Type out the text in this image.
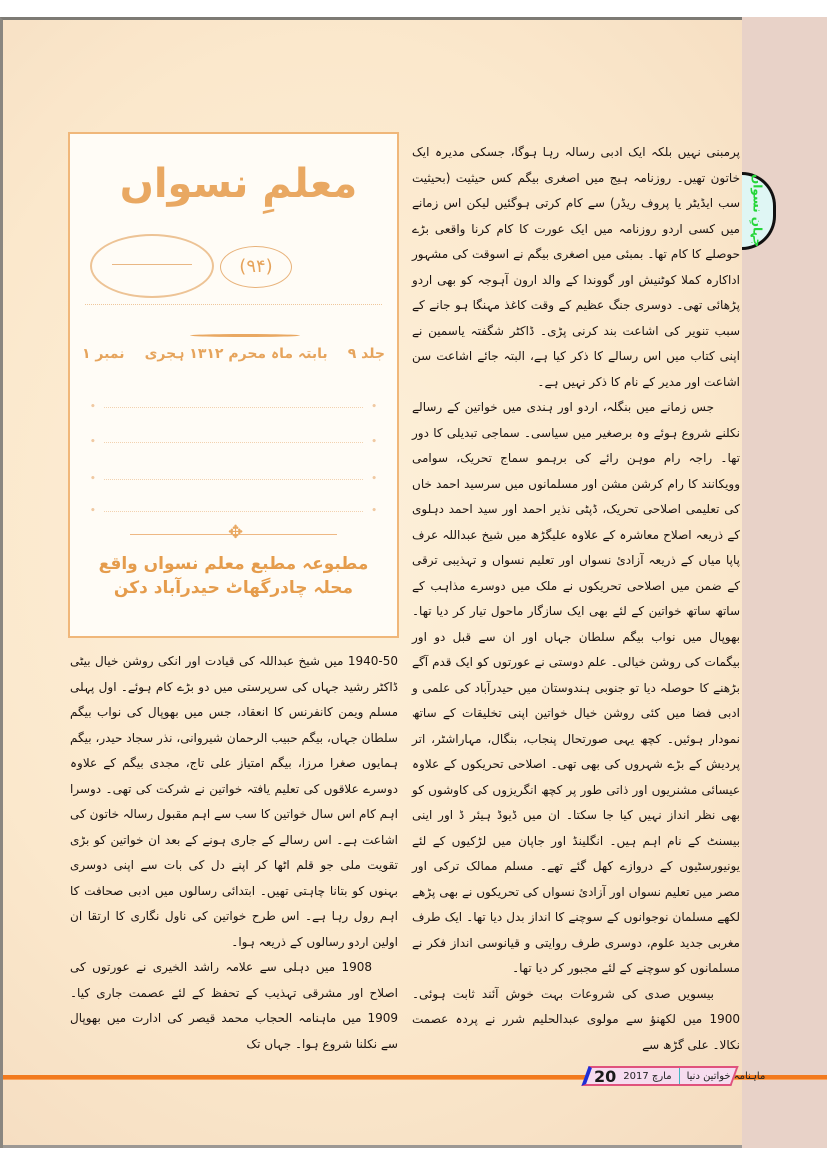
جہانِ نسواں
معلمِ نسواں
(۹۴)
جلد ۹
بابتہ ماہ محرم ۱۳۱۲ ہجری
نمبر ۱
•
•
•
•
•
•
•
•
✥
مطبوعہ مطبع معلم نسواں واقع محلہ چادرگھاٹ حیدرآباد دکن

پرمبنی نہیں بلکہ ایک ادبی رسالہ رہا ہوگا، جسکی مدیرہ ایک خاتون تھیں۔ روزنامہ ہیج میں اصغری بیگم کس حیثیت (بحیثیت سب ایڈیٹر یا پروف ریڈر) سے کام کرتی ہوگئیں لیکن اس زمانے میں کسی اردو روزنامہ میں ایک عورت کا کام کرنا واقعی بڑے حوصلے کا کام تھا۔ بمبئی میں اصغری بیگم نے اسوقت کی مشہور اداکارہ کملا کوٹنیش اور گووندا کے والد ارون آہوجہ کو بھی اردو پڑھائی تھی۔ دوسری جنگ عظیم کے وقت کاغذ مہنگا ہو جانے کے سبب تنویر کی اشاعت بند کرنی پڑی۔ ڈاکٹر شگفتہ یاسمین نے اپنی کتاب میں اس رسالے کا ذکر کیا ہے، البتہ جائے اشاعت سن اشاعت اور مدیر کے نام کا ذکر نہیں ہے۔

جس زمانے میں بنگلہ، اردو اور ہندی میں خواتین کے رسالے نکلنے شروع ہوئے وہ برصغیر میں سیاسی۔ سماجی تبدیلی کا دور تھا۔ راجہ رام موہن رائے کی برہمو سماج تحریک، سوامی وویکانند کا رام کرشن مشن اور مسلمانوں میں سرسید احمد خاں کی تعلیمی اصلاحی تحریک، ڈپٹی نذیر احمد اور سید احمد دہلوی کے ذریعہ اصلاح معاشرہ کے علاوہ علیگڑھ میں شیخ عبداللہ عرف پاپا میاں کے ذریعہ آزادیٔ نسواں اور تعلیم نسواں و تہذیبی ترقی کے ضمن میں اصلاحی تحریکوں نے ملک میں دوسرے مذاہب کے ساتھ ساتھ خواتین کے لئے بھی ایک سازگار ماحول تیار کر دیا تھا۔ بھوپال میں نواب بیگم سلطان جہاں اور ان سے قبل دو اور بیگمات کی روشن خیالی۔ علم دوستی نے عورتوں کو ایک قدم آگے بڑھنے کا حوصلہ دیا تو جنوبی ہندوستان میں حیدرآباد کی علمی و ادبی فضا میں کئی روشن خیال خواتین اپنی تخلیقات کے ساتھ نمودار ہوئیں۔ کچھ یہی صورتحال پنجاب، بنگال، مہاراشٹر، اتر پردیش کے بڑے شہروں کی بھی تھی۔ اصلاحی تحریکوں کے علاوہ عیسائی مشنریوں اور ذاتی طور پر کچھ انگریزوں کی کاوشوں کو بھی نظر انداز نہیں کیا جا سکتا۔ ان میں ڈیوڈ ہیئر ڈ اور اینی بیسنٹ کے نام اہم ہیں۔ انگلینڈ اور جاپان میں لڑکیوں کے لئے یونیورسٹیوں کے دروازے کھل گئے تھے۔ مسلم ممالک ترکی اور مصر میں تعلیم نسواں اور آزادیٔ نسواں کی تحریکوں نے بھی پڑھے لکھے مسلمان نوجوانوں کے سوچنے کا انداز بدل دیا تھا۔ ایک طرف مغربی جدید علوم، دوسری طرف روایتی و قیانوسی انداز فکر نے مسلمانوں کو سوچنے کے لئے مجبور کر دیا تھا۔

بیسویں صدی کی شروعات بہت خوش آئند ثابت ہوئی۔ 1900 میں لکھنؤ سے مولوی عبدالحلیم شرر نے پردہ عصمت نکالا۔ علی گڑھ سے

1940-50 میں شیخ عبداللہ کی قیادت اور انکی روشن خیال بیٹی ڈاکٹر رشید جہاں کی سرپرستی میں دو بڑے کام ہوئے۔ اول پہلی مسلم ویمن کانفرنس کا انعقاد، جس میں بھوپال کی نواب بیگم سلطان جہاں، بیگم حبیب الرحمان شیروانی، نذر سجاد حیدر، بیگم ہمایوں صغرا مرزا، بیگم امتیاز علی تاج، مجدی بیگم کے علاوہ دوسرے علاقوں کی تعلیم یافتہ خواتین نے شرکت کی تھی۔ دوسرا اہم کام اس سال خواتین کا سب سے اہم مقبول رسالہ خاتون کی اشاعت ہے۔ اس رسالے کے جاری ہونے کے بعد ان خواتین کو بڑی تقویت ملی جو قلم اٹھا کر اپنے دل کی بات سے اپنی دوسری بہنوں کو بتانا چاہتی تھیں۔ ابتدائی رسالوں میں ادبی صحافت کا اہم رول رہا ہے۔ اس طرح خواتین کی ناول نگاری کا ارتقا ان اولین اردو رسالوں کے ذریعہ ہوا۔

1908 میں دہلی سے علامہ راشد الخیری نے عورتوں کی اصلاح اور مشرقی تہذیب کے تحفظ کے لئے عصمت جاری کیا۔ 1909 میں ماہنامہ الحجاب محمد قیصر کی ادارت میں بھوپال سے نکلنا شروع ہوا۔ جہاں تک

20 مارچ 2017 ماہنامہ خواتین دنیا
